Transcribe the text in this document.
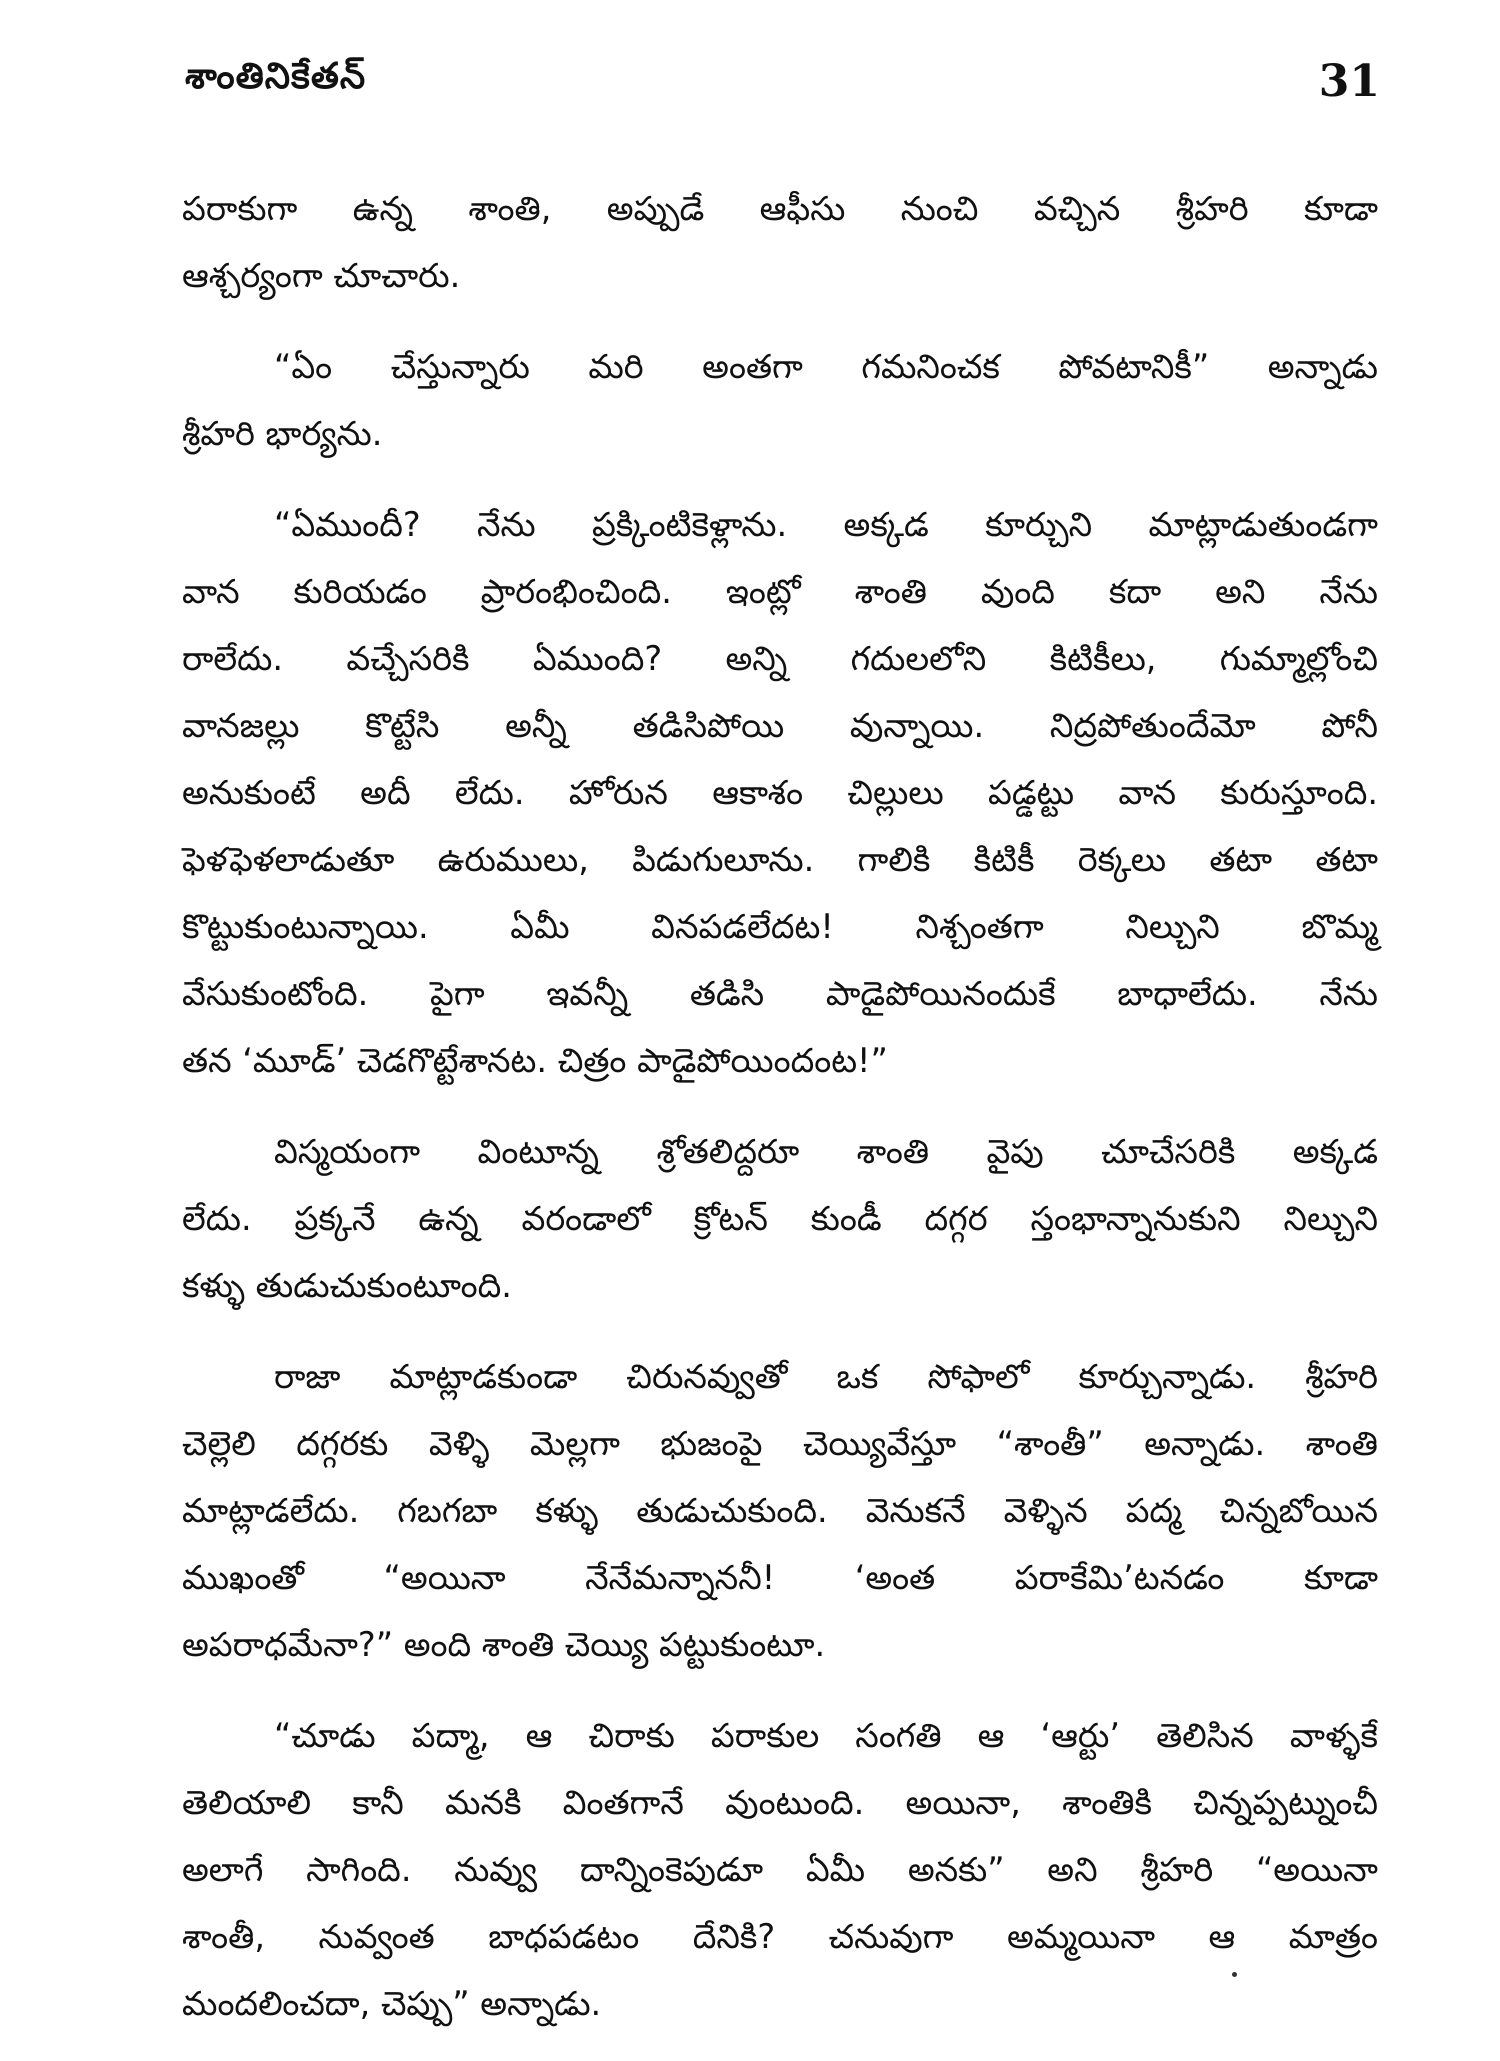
శాంతినికేతన్	31
పరాకుగా ఉన్న శాంతి, అప్పుడే ఆఫీసు నుంచి వచ్చిన శ్రీహరి కూడా
ఆశ్చర్యంగా చూచారు.
“ఏం చేస్తున్నారు మరి అంతగా గమనించక పోవటానికీ” అన్నాడు
శ్రీహరి భార్యను.
“ఏముందీ? నేను ప్రక్కింటికెళ్లాను. అక్కడ కూర్చుని మాట్లాడుతుండగా
వాన కురియడం ప్రారంభించింది. ఇంట్లో శాంతి వుంది కదా అని నేను
రాలేదు. వచ్చేసరికి ఏముంది? అన్ని గదులలోని కిటికీలు, గుమ్మాల్లోంచి
వానజల్లు కొట్టేసి అన్నీ తడిసిపోయి వున్నాయి. నిద్రపోతుందేమో పోనీ
అనుకుంటే అదీ లేదు. హోరున ఆకాశం చిల్లులు పడ్డట్టు వాన కురుస్తూంది.
ఫెళఫెళలాడుతూ ఉరుములు, పిడుగులూను. గాలికి కిటికీ రెక్కలు తటా తటా
కొట్టుకుంటున్నాయి. ఏమీ వినపడలేదట! నిశ్చంతగా నిల్చుని బొమ్మ
వేసుకుంటోంది. పైగా ఇవన్నీ తడిసి పాడైపోయినందుకే బాధాలేదు. నేను
తన ‘మూడ్’ చెడగొట్టేశానట. చిత్రం పాడైపోయిందంట!”
విస్మయంగా వింటూన్న శ్రోతలిద్దరూ శాంతి వైపు చూచేసరికి అక్కడ
లేదు. ప్రక్కనే ఉన్న వరండాలో క్రోటన్ కుండీ దగ్గర స్తంభాన్నానుకుని నిల్చుని
కళ్ళు తుడుచుకుంటూంది.
రాజా మాట్లాడకుండా చిరునవ్వుతో ఒక సోఫాలో కూర్చున్నాడు. శ్రీహరి
చెల్లెలి దగ్గరకు వెళ్ళి మెల్లగా భుజంపై చెయ్యివేస్తూ “శాంతీ” అన్నాడు. శాంతి
మాట్లాడలేదు. గబగబా కళ్ళు తుడుచుకుంది. వెనుకనే వెళ్ళిన పద్మ చిన్నబోయిన
ముఖంతో “అయినా నేనేమన్నాననీ! ‘అంత పరాకేమి’టనడం కూడా
అపరాధమేనా?” అంది శాంతి చెయ్యి పట్టుకుంటూ.
“చూడు పద్మా, ఆ చిరాకు పరాకుల సంగతి ఆ ‘ఆర్టు’ తెలిసిన వాళ్ళకే
తెలియాలి కానీ మనకి వింతగానే వుంటుంది. అయినా, శాంతికి చిన్నప్పట్నుంచీ
అలాగే సాగింది. నువ్వు దాన్నింకెపుడూ ఏమీ అనకు” అని శ్రీహరి “అయినా
శాంతీ, నువ్వంత బాధపడటం దేనికి? చనువుగా అమ్మయినా ఆ మాత్రం
మందలించదా, చెప్పు” అన్నాడు.
